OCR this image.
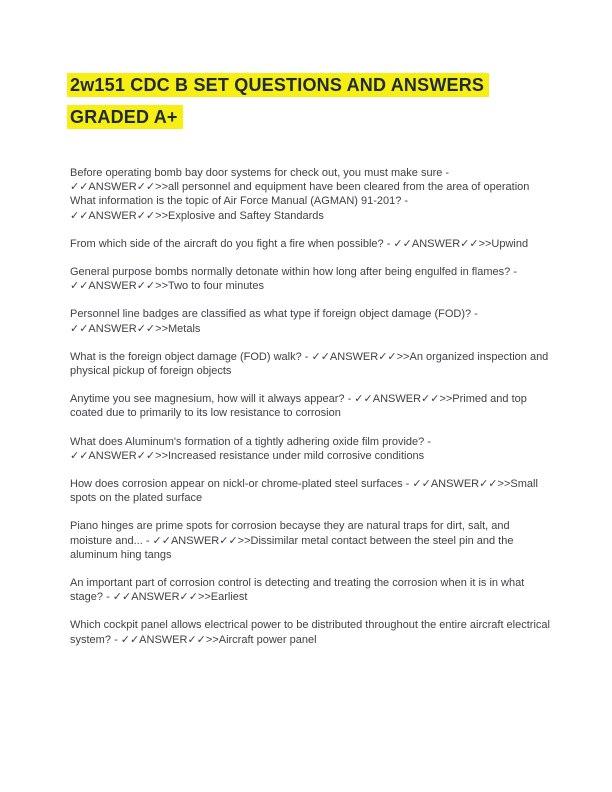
2w151 CDC B SET QUESTIONS AND ANSWERS
GRADED A+

Before operating bomb bay door systems for check out, you must make sure - ✓✓ANSWER✓✓>>all personnel and equipment have been cleared from the area of operation

What information is the topic of Air Force Manual (AGMAN) 91-201? - ✓✓ANSWER✓✓>>Explosive and Saftey Standards

From which side of the aircraft do you fight a fire when possible? - ✓✓ANSWER✓✓>>Upwind

General purpose bombs normally detonate within how long after being engulfed in flames? - ✓✓ANSWER✓✓>>Two to four minutes

Personnel line badges are classified as what type if foreign object damage (FOD)? - ✓✓ANSWER✓✓>>Metals

What is the foreign object damage (FOD) walk? - ✓✓ANSWER✓✓>>An organized inspection and physical pickup of foreign objects

Anytime you see magnesium, how will it always appear? - ✓✓ANSWER✓✓>>Primed and top coated due to primarily to its low resistance to corrosion

What does Aluminum's formation of a tightly adhering oxide film provide? - ✓✓ANSWER✓✓>>Increased resistance under mild corrosive conditions

How does corrosion appear on nickl-or chrome-plated steel surfaces - ✓✓ANSWER✓✓>>Small spots on the plated surface

Piano hinges are prime spots for corrosion becayse they are natural traps for dirt, salt, and moisture and... - ✓✓ANSWER✓✓>>Dissimilar metal contact between the steel pin and the aluminum hing tangs

An important part of corrosion control is detecting and treating the corrosion when it is in what stage? - ✓✓ANSWER✓✓>>Earliest

Which cockpit panel allows electrical power to be distributed throughout the entire aircraft electrical system? - ✓✓ANSWER✓✓>>Aircraft power panel
